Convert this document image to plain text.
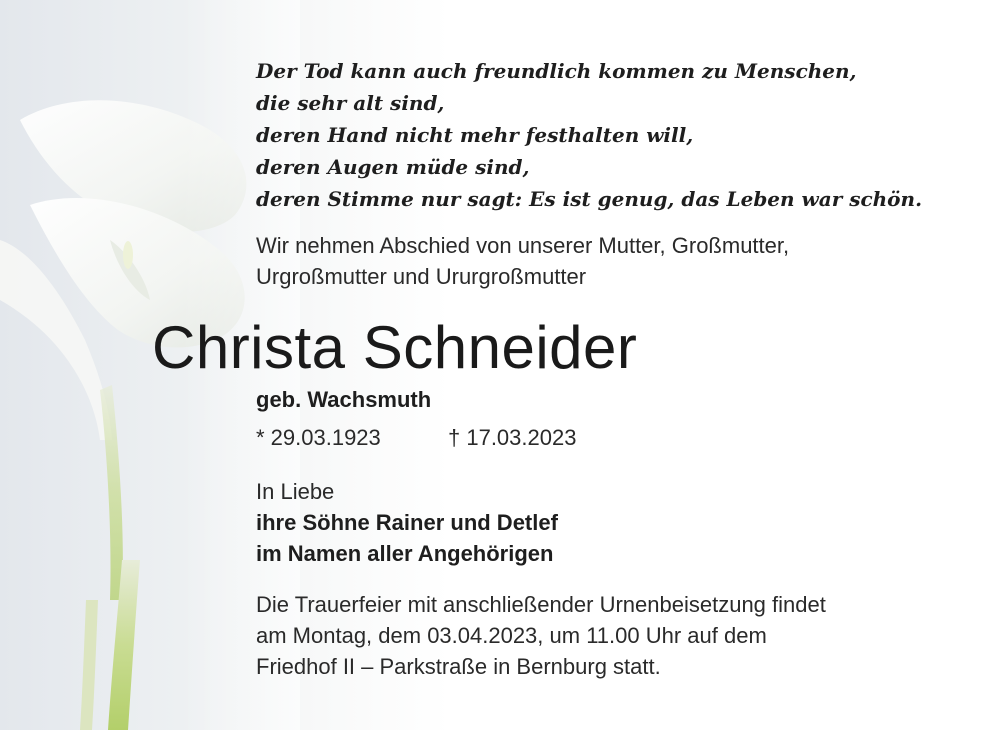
Der Tod kann auch freundlich kommen zu Menschen,
die sehr alt sind,
deren Hand nicht mehr festhalten will,
deren Augen müde sind,
deren Stimme nur sagt: Es ist genug, das Leben war schön.
Wir nehmen Abschied von unserer Mutter, Großmutter,
Urgroßmutter und Ururgroßmutter
Christa Schneider
geb. Wachsmuth
* 29.03.1923	† 17.03.2023
In Liebe
ihre Söhne Rainer und Detlef
im Namen aller Angehörigen
Die Trauerfeier mit anschließender Urnenbeisetzung findet
am Montag, dem 03.04.2023, um 11.00 Uhr auf dem
Friedhof II – Parkstraße in Bernburg statt.
